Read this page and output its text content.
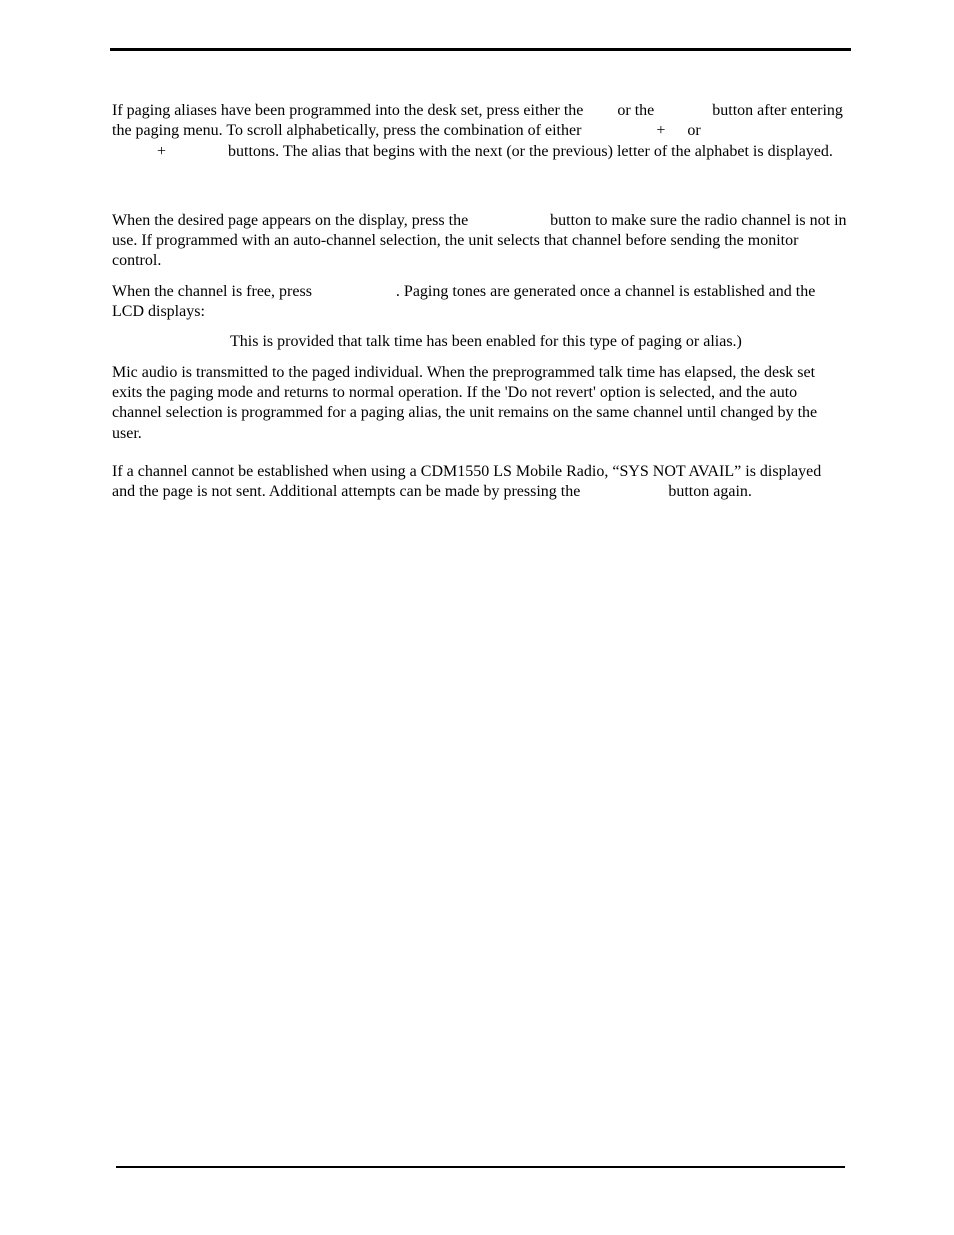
If paging aliases have been programmed into the desk set, press either the or the	button after entering the paging menu. To scroll alphabetically, press the combination of either	+ or
+	buttons. The alias that begins with the next (or the previous) letter of the alphabet is displayed.

When the desired page appears on the display, press the	button to make sure the radio channel is not in use. If programmed with an auto-channel selection, the unit selects that channel before sending the monitor control.

When the channel is free, press	. Paging tones are generated once a channel is established and the LCD displays:

This is provided that talk time has been enabled for this type of paging or alias.)

Mic audio is transmitted to the paged individual. When the preprogrammed talk time has elapsed, the desk set exits the paging mode and returns to normal operation. If the 'Do not revert' option is selected, and the auto channel selection is programmed for a paging alias, the unit remains on the same channel until changed by the user.

If a channel cannot be established when using a CDM1550 LS Mobile Radio, “SYS NOT AVAIL” is displayed and the page is not sent. Additional attempts can be made by pressing the	button again.
